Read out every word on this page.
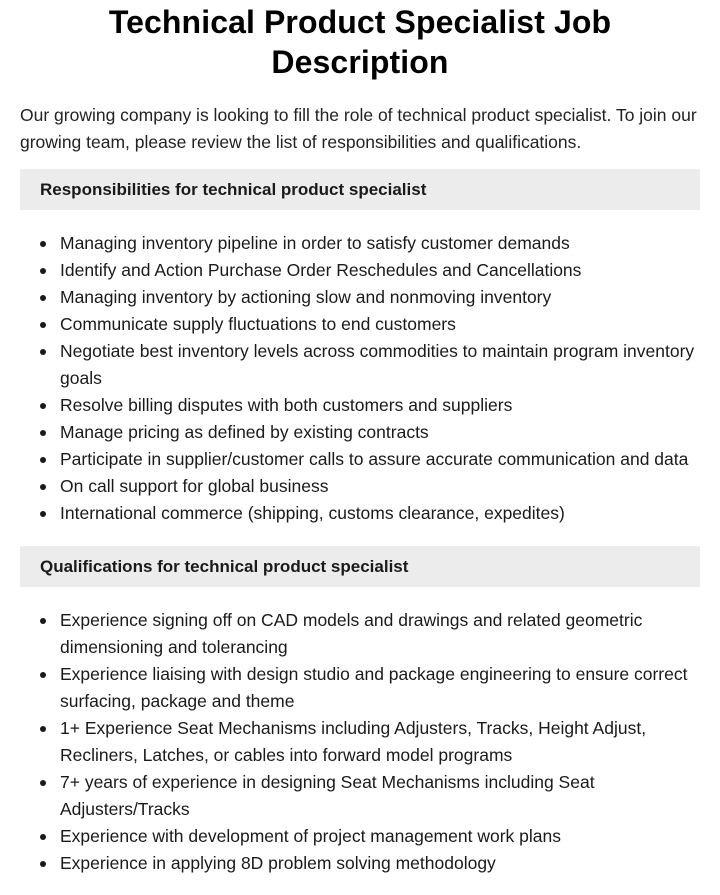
Technical Product Specialist Job Description

Our growing company is looking to fill the role of technical product specialist. To join our growing team, please review the list of responsibilities and qualifications.

Responsibilities for technical product specialist
Managing inventory pipeline in order to satisfy customer demands
Identify and Action Purchase Order Reschedules and Cancellations
Managing inventory by actioning slow and nonmoving inventory
Communicate supply fluctuations to end customers
Negotiate best inventory levels across commodities to maintain program inventory goals
Resolve billing disputes with both customers and suppliers
Manage pricing as defined by existing contracts
Participate in supplier/customer calls to assure accurate communication and data
On call support for global business
International commerce (shipping, customs clearance, expedites)
Qualifications for technical product specialist
Experience signing off on CAD models and drawings and related geometric dimensioning and tolerancing
Experience liaising with design studio and package engineering to ensure correct surfacing, package and theme
1+ Experience Seat Mechanisms including Adjusters, Tracks, Height Adjust, Recliners, Latches, or cables into forward model programs
7+ years of experience in designing Seat Mechanisms including Seat Adjusters/Tracks
Experience with development of project management work plans
Experience in applying 8D problem solving methodology
